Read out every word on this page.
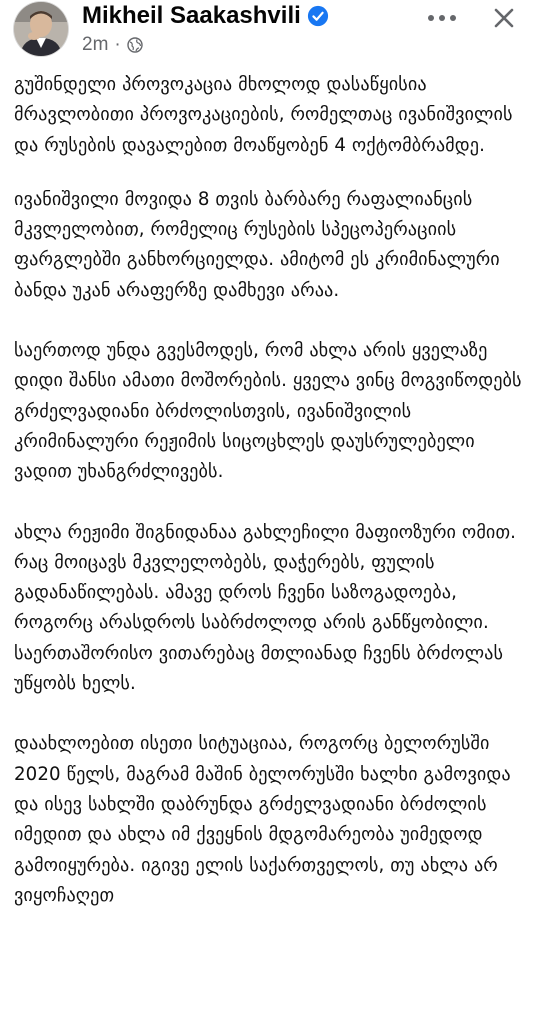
Mikheil Saakashvili
2m ·

გუშინდელი პროვოკაცია მხოლოდ დასაწყისია მრავლობითი პროვოკაციების, რომელთაც ივანიშვილის და რუსების დავალებით მოაწყობენ 4 ოქტომბრამდე.

ივანიშვილი მოვიდა 8 თვის ბარბარე რაფალიანცის მკვლელობით, რომელიც რუსების სპეცოპერაციის ფარგლებში განხორციელდა. ამიტომ ეს კრიმინალური ბანდა უკან არაფერზე დამხევი არაა.

საერთოდ უნდა გვესმოდეს, რომ ახლა არის ყველაზე დიდი შანსი ამათი მოშორების. ყველა ვინც მოგვიწოდებს გრძელვადიანი ბრძოლისთვის, ივანიშვილის კრიმინალური რეჟიმის სიცოცხლეს დაუსრულებელი ვადით უხანგრძლივებს.

ახლა რეჟიმი შიგნიდანაა გახლეჩილი მაფიოზური ომით. რაც მოიცავს მკვლელობებს, დაჭერებს, ფულის გადანაწილებას. ამავე დროს ჩვენი საზოგადოება, როგორც არასდროს საბრძოლოდ არის განწყობილი. საერთაშორისო ვითარებაც მთლიანად ჩვენს ბრძოლას უწყობს ხელს.

დაახლოებით ისეთი სიტუაციაა, როგორც ბელორუსში 2020 წელს, მაგრამ მაშინ ბელორუსში ხალხი გამოვიდა და ისევ სახლში დაბრუნდა გრძელვადიანი ბრძოლის იმედით და ახლა იმ ქვეყნის მდგომარეობა უიმედოდ გამოიყურება. იგივე ელის საქართველოს, თუ ახლა არ ვიყოჩაღეთ
